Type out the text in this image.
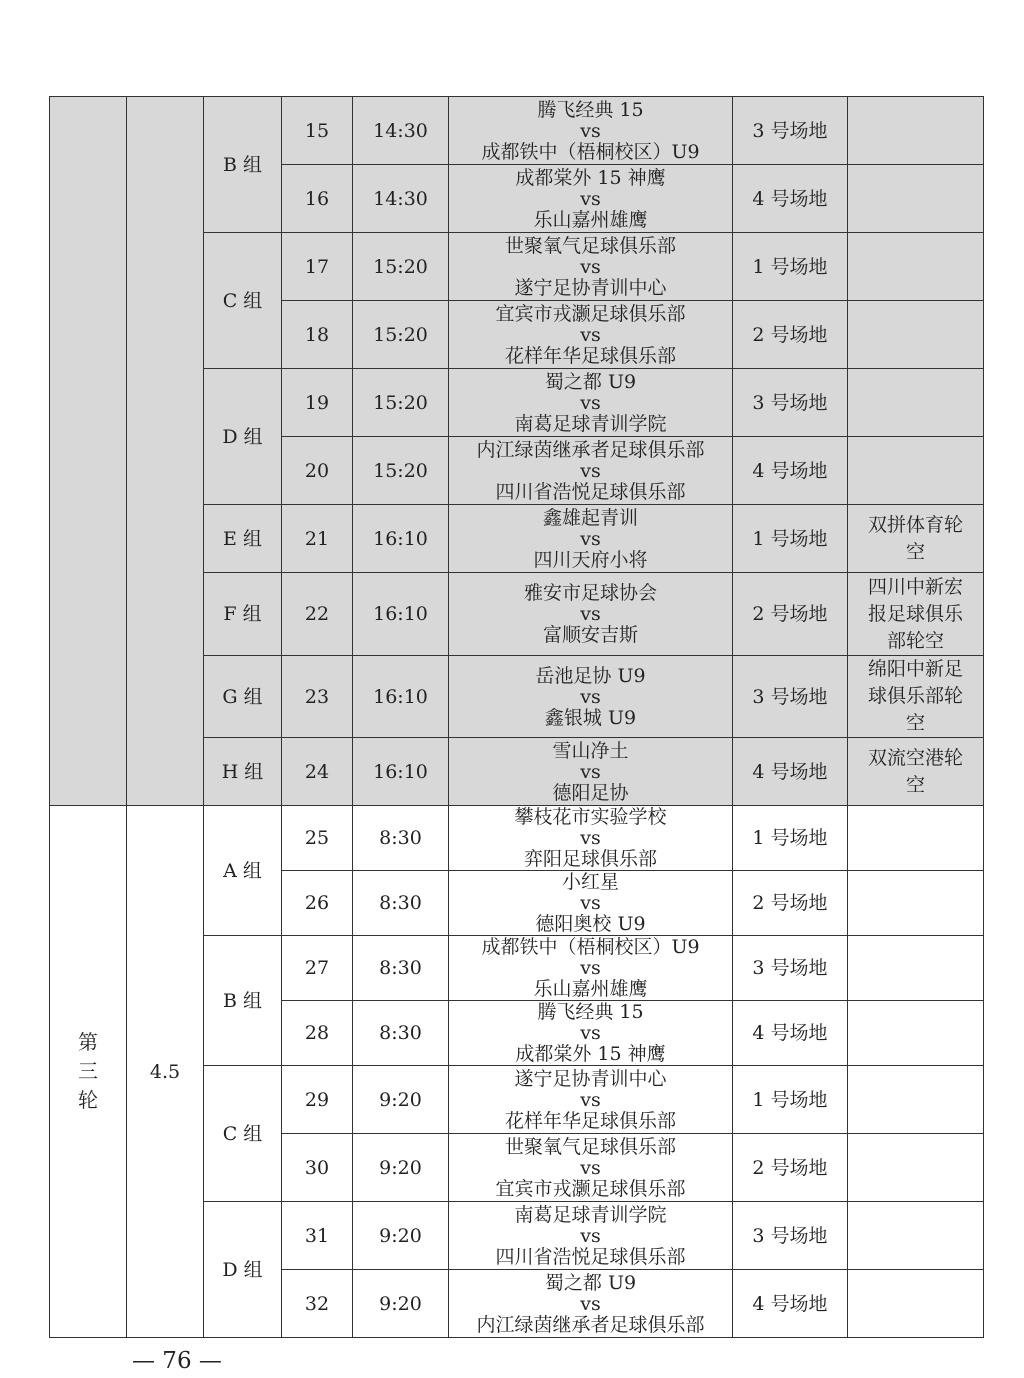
		B 组	15	14:30	腾飞经典 15
vs
成都铁中（梧桐校区）U9	3 号场地	
			16	14:30	成都棠外 15 神鹰
vs
乐山嘉州雄鹰	4 号场地	
		C 组	17	15:20	世聚氧气足球俱乐部
vs
遂宁足协青训中心	1 号场地	
			18	15:20	宜宾市戎灏足球俱乐部
vs
花样年华足球俱乐部	2 号场地	
		D 组	19	15:20	蜀之都 U9
vs
南葛足球青训学院	3 号场地	
			20	15:20	内江绿茵继承者足球俱乐部
vs
四川省浩悦足球俱乐部	4 号场地	
		E 组	21	16:10	鑫雄起青训
vs
四川天府小将	1 号场地	双拼体育轮空
		F 组	22	16:10	雅安市足球协会
vs
富顺安吉斯	2 号场地	四川中新宏报足球俱乐部轮空
		G 组	23	16:10	岳池足协 U9
vs
鑫银城 U9	3 号场地	绵阳中新足球俱乐部轮空
		H 组	24	16:10	雪山净土
vs
德阳足协	4 号场地	双流空港轮空
第三轮	4.5	A 组	25	8:30	攀枝花市实验学校
vs
弈阳足球俱乐部	1 号场地	
			26	8:30	小红星
vs
德阳奥校 U9	2 号场地	
		B 组	27	8:30	成都铁中（梧桐校区）U9
vs
乐山嘉州雄鹰	3 号场地	
			28	8:30	腾飞经典 15
vs
成都棠外 15 神鹰	4 号场地	
		C 组	29	9:20	遂宁足协青训中心
vs
花样年华足球俱乐部	1 号场地	
			30	9:20	世聚氧气足球俱乐部
vs
宜宾市戎灏足球俱乐部	2 号场地	
		D 组	31	9:20	南葛足球青训学院
vs
四川省浩悦足球俱乐部	3 号场地	
			32	9:20	蜀之都 U9
vs
内江绿茵继承者足球俱乐部	4 号场地	
— 76 —
